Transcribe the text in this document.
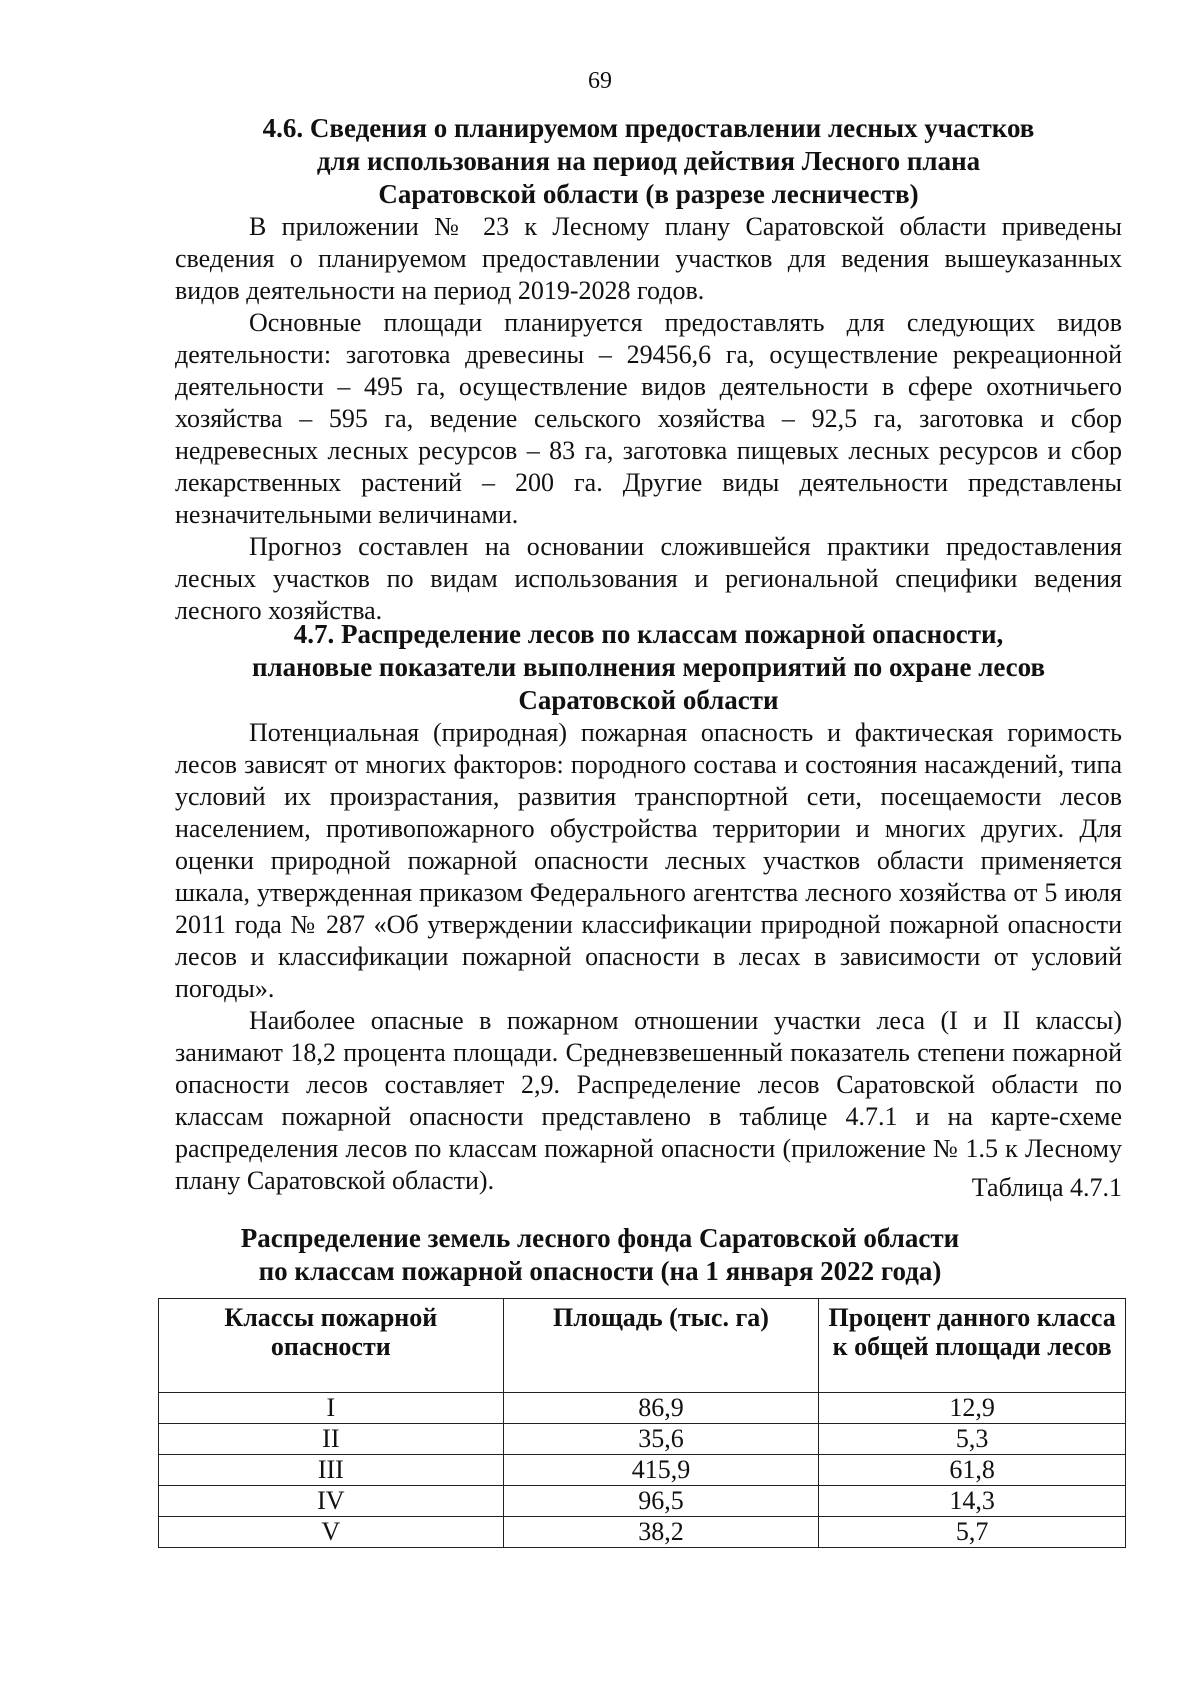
69
4.6. Сведения о планируемом предоставлении лесных участков
для использования на период действия Лесного плана
Саратовской области (в разрезе лесничеств)

В приложении № 23 к Лесному плану Саратовской области приведены сведения о планируемом предоставлении участков для ведения вышеуказанных видов деятельности на период 2019-2028 годов.

Основные площади планируется предоставлять для следующих видов деятельности: заготовка древесины – 29456,6 га, осуществление рекреационной деятельности – 495 га, осуществление видов деятельности в сфере охотничьего хозяйства – 595 га, ведение сельского хозяйства – 92,5 га, заготовка и сбор недревесных лесных ресурсов – 83 га, заготовка пищевых лесных ресурсов и сбор лекарственных растений – 200 га. Другие виды деятельности представлены незначительными величинами.

Прогноз составлен на основании сложившейся практики предоставления лесных участков по видам использования и региональной специфики ведения лесного хозяйства.

4.7. Распределение лесов по классам пожарной опасности,
плановые показатели выполнения мероприятий по охране лесов
Саратовской области

Потенциальная (природная) пожарная опасность и фактическая горимость лесов зависят от многих факторов: породного состава и состояния насаждений, типа условий их произрастания, развития транспортной сети, посещаемости лесов населением, противопожарного обустройства территории и многих других. Для оценки природной пожарной опасности лесных участков области применяется шкала, утвержденная приказом Федерального агентства лесного хозяйства от 5 июля 2011 года № 287 «Об утверждении классификации природной пожарной опасности лесов и классификации пожарной опасности в лесах в зависимости от условий погоды».

Наиболее опасные в пожарном отношении участки леса (I и II классы) занимают 18,2 процента площади. Средневзвешенный показатель степени пожарной опасности лесов составляет 2,9. Распределение лесов Саратовской области по классам пожарной опасности представлено в таблице 4.7.1 и на карте-схеме распределения лесов по классам пожарной опасности (приложение № 1.5 к Лесному плану Саратовской области).	Таблица 4.7.1
Распределение земель лесного фонда Саратовской области
по классам пожарной опасности (на 1 января 2022 года)
Классы пожарной опасности	Площадь (тыс. га)	Процент данного класса к общей площади лесов
I	86,9	12,9
II	35,6	5,3
III	415,9	61,8
IV	96,5	14,3
V	38,2	5,7
